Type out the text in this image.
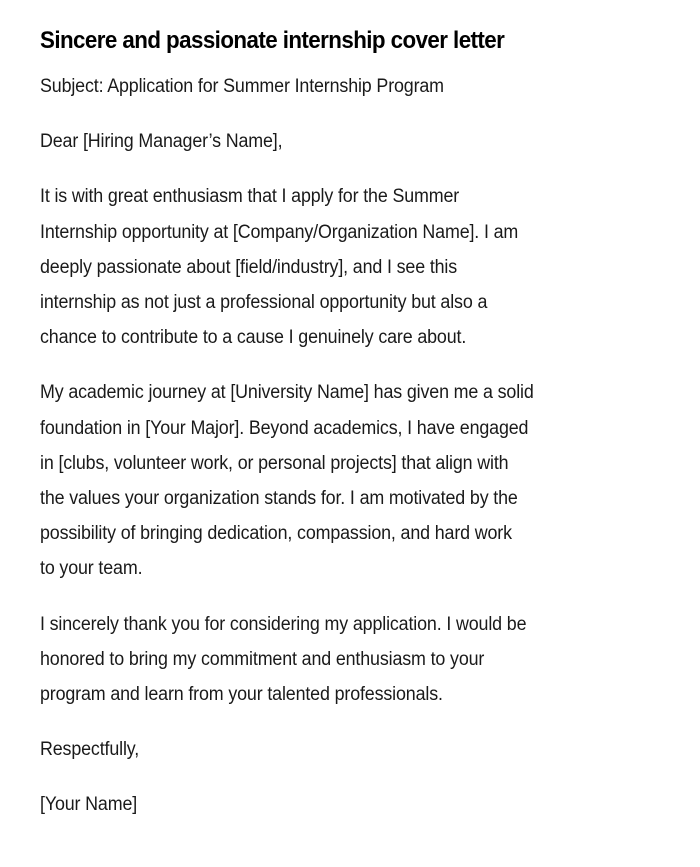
Sincere and passionate internship cover letter

Subject: Application for Summer Internship Program

Dear [Hiring Manager’s Name],

It is with great enthusiasm that I apply for the Summer
Internship opportunity at [Company/Organization Name]. I am
deeply passionate about [field/industry], and I see this
internship as not just a professional opportunity but also a
chance to contribute to a cause I genuinely care about.

My academic journey at [University Name] has given me a solid
foundation in [Your Major]. Beyond academics, I have engaged
in [clubs, volunteer work, or personal projects] that align with
the values your organization stands for. I am motivated by the
possibility of bringing dedication, compassion, and hard work
to your team.

I sincerely thank you for considering my application. I would be
honored to bring my commitment and enthusiasm to your
program and learn from your talented professionals.

Respectfully,

[Your Name]
